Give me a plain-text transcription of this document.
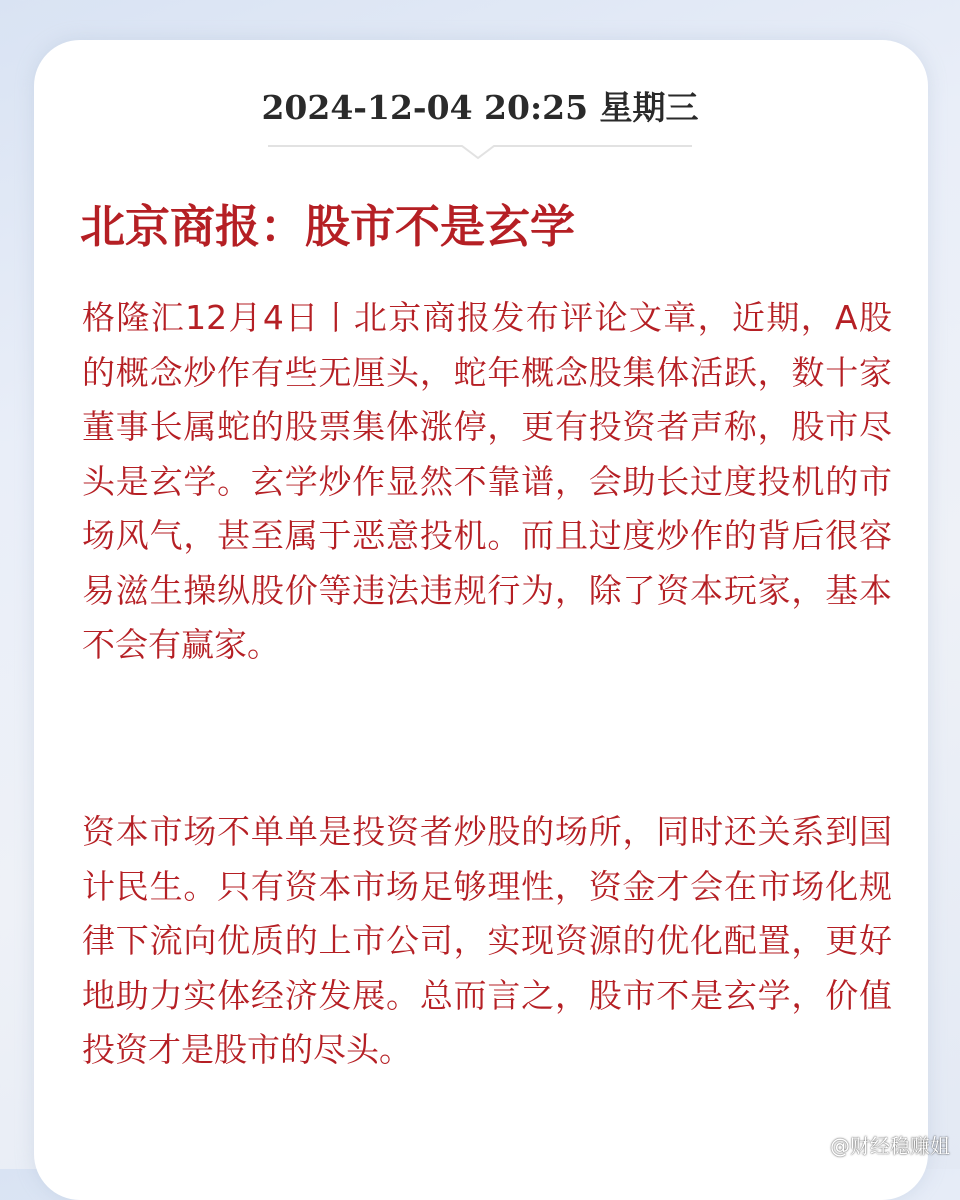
2024-12-04 20:25 星期三
北京商报：股市不是玄学

格隆汇12月4日丨北京商报发布评论文章，近期，A股的概念炒作有些无厘头，蛇年概念股集体活跃，数十家董事长属蛇的股票集体涨停，更有投资者声称，股市尽头是玄学。玄学炒作显然不靠谱，会助长过度投机的市场风气，甚至属于恶意投机。而且过度炒作的背后很容易滋生操纵股价等违法违规行为，除了资本玩家，基本不会有赢家。

资本市场不单单是投资者炒股的场所，同时还关系到国计民生。只有资本市场足够理性，资金才会在市场化规律下流向优质的上市公司，实现资源的优化配置，更好地助力实体经济发展。总而言之，股市不是玄学，价值投资才是股市的尽头。

@财经稳赚姐
